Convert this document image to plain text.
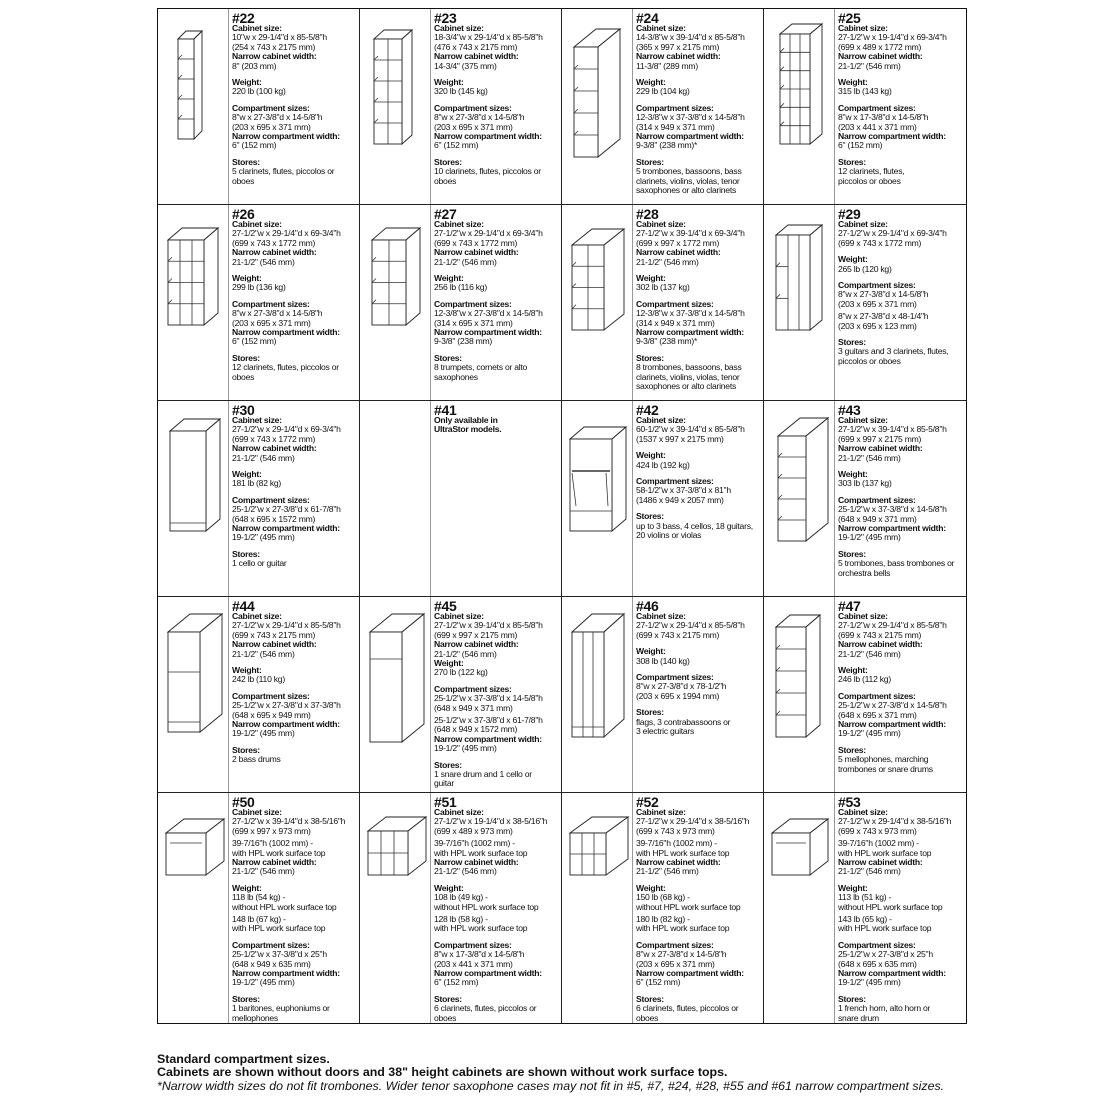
#22
Cabinet size:
10"w x 29-1/4"d x 85-5/8"h
(254 x 743 x 2175 mm)
Narrow cabinet width:
8" (203 mm)
Weight:
220 lb (100 kg)
Compartment sizes:
8"w x 27-3/8"d x 14-5/8"h
(203 x 695 x 371 mm)
Narrow compartment width:
6" (152 mm)
Stores:
5 clarinets, flutes, piccolos or
oboes
#23
Cabinet size:
18-3/4"w x 29-1/4"d x 85-5/8"h
(476 x 743 x 2175 mm)
Narrow cabinet width:
14-3/4" (375 mm)
Weight:
320 lb (145 kg)
Compartment sizes:
8"w x 27-3/8"d x 14-5/8"h
(203 x 695 x 371 mm)
Narrow compartment width:
6" (152 mm)
Stores:
10 clarinets, flutes, piccolos or
oboes
#24
Cabinet size:
14-3/8"w x 39-1/4"d x 85-5/8"h
(365 x 997 x 2175 mm)
Narrow cabinet width:
11-3/8" (289 mm)
Weight:
229 lb (104 kg)
Compartment sizes:
12-3/8"w x 37-3/8"d x 14-5/8"h
(314 x 949 x 371 mm)
Narrow compartment width:
9-3/8" (238 mm)*
Stores:
5 trombones, bassoons, bass
clarinets, violins, violas, tenor
saxophones or alto clarinets
#25
Cabinet size:
27-1/2"w x 19-1/4"d x 69-3/4"h
(699 x 489 x 1772 mm)
Narrow cabinet width:
21-1/2" (546 mm)
Weight:
315 lb (143 kg)
Compartment sizes:
8"w x 17-3/8"d x 14-5/8"h
(203 x 441 x 371 mm)
Narrow compartment width:
6" (152 mm)
Stores:
12 clarinets, flutes,
piccolos or oboes
#26
Cabinet size:
27-1/2"w x 29-1/4"d x 69-3/4"h
(699 x 743 x 1772 mm)
Narrow cabinet width:
21-1/2" (546 mm)
Weight:
299 lb (136 kg)
Compartment sizes:
8"w x 27-3/8"d x 14-5/8"h
(203 x 695 x 371 mm)
Narrow compartment width:
6" (152 mm)
Stores:
12 clarinets, flutes, piccolos or
oboes
#27
Cabinet size:
27-1/2"w x 29-1/4"d x 69-3/4"h
(699 x 743 x 1772 mm)
Narrow cabinet width:
21-1/2" (546 mm)
Weight:
256 lb (116 kg)
Compartment sizes:
12-3/8"w x 27-3/8"d x 14-5/8"h
(314 x 695 x 371 mm)
Narrow compartment width:
9-3/8" (238 mm)
Stores:
8 trumpets, cornets or alto
saxophones
#28
Cabinet size:
27-1/2"w x 39-1/4"d x 69-3/4"h
(699 x 997 x 1772 mm)
Narrow cabinet width:
21-1/2" (546 mm)
Weight:
302 lb (137 kg)
Compartment sizes:
12-3/8"w x 37-3/8"d x 14-5/8"h
(314 x 949 x 371 mm)
Narrow compartment width:
9-3/8" (238 mm)*
Stores:
8 trombones, bassoons, bass
clarinets, violins, violas, tenor
saxophones or alto clarinets
#29
Cabinet size:
27-1/2"w x 29-1/4"d x 69-3/4"h
(699 x 743 x 1772 mm)
Weight:
265 lb (120 kg)
Compartment sizes:
8"w x 27-3/8"d x 14-5/8"h
(203 x 695 x 371 mm)
8"w x 27-3/8"d x 48-1/4"h
(203 x 695 x 123 mm)
Stores:
3 guitars and 3 clarinets, flutes,
piccolos or oboes
#30
Cabinet size:
27-1/2"w x 29-1/4"d x 69-3/4"h
(699 x 743 x 1772 mm)
Narrow cabinet width:
21-1/2" (546 mm)
Weight:
181 lb (82 kg)
Compartment sizes:
25-1/2"w x 27-3/8"d x 61-7/8"h
(648 x 695 x 1572 mm)
Narrow compartment width:
19-1/2" (495 mm)
Stores:
1 cello or guitar
#41
Only available in
UltraStor models.
#42
Cabinet size:
60-1/2"w x 39-1/4"d x 85-5/8"h
(1537 x 997 x 2175 mm)
Weight:
424 lb (192 kg)
Compartment sizes:
58-1/2"w x 37-3/8"d x 81"h
(1486 x 949 x 2057 mm)
Stores:
up to 3 bass, 4 cellos, 18 guitars,
20 violins or violas
#43
Cabinet size:
27-1/2"w x 39-1/4"d x 85-5/8"h
(699 x 997 x 2175 mm)
Narrow cabinet width:
21-1/2" (546 mm)
Weight:
303 lb (137 kg)
Compartment sizes:
25-1/2"w x 37-3/8"d x 14-5/8"h
(648 x 949 x 371 mm)
Narrow compartment width:
19-1/2" (495 mm)
Stores:
5 trombones, bass trombones or
orchestra bells
#44
Cabinet size:
27-1/2"w x 29-1/4"d x 85-5/8"h
(699 x 743 x 2175 mm)
Narrow cabinet width:
21-1/2" (546 mm)
Weight:
242 lb (110 kg)
Compartment sizes:
25-1/2"w x 27-3/8"d x 37-3/8"h
(648 x 695 x 949 mm)
Narrow compartment width:
19-1/2" (495 mm)
Stores:
2 bass drums
#45
Cabinet size:
27-1/2"w x 39-1/4"d x 85-5/8"h
(699 x 997 x 2175 mm)
Narrow cabinet width:
21-1/2" (546 mm)
Weight:
270 lb (122 kg)
Compartment sizes:
25-1/2"w x 37-3/8"d x 14-5/8"h
(648 x 949 x 371 mm)
25-1/2"w x 37-3/8"d x 61-7/8"h
(648 x 949 x 1572 mm)
Narrow compartment width:
19-1/2" (495 mm)
Stores:
1 snare drum and 1 cello or
guitar
#46
Cabinet size:
27-1/2"w x 29-1/4"d x 85-5/8"h
(699 x 743 x 2175 mm)
Weight:
308 lb (140 kg)
Compartment sizes:
8"w x 27-3/8"d x 78-1/2"h
(203 x 695 x 1994 mm)
Stores:
flags, 3 contrabassoons or
3 electric guitars
#47
Cabinet size:
27-1/2"w x 29-1/4"d x 85-5/8"h
(699 x 743 x 2175 mm)
Narrow cabinet width:
21-1/2" (546 mm)
Weight:
246 lb (112 kg)
Compartment sizes:
25-1/2"w x 27-3/8"d x 14-5/8"h
(648 x 695 x 371 mm)
Narrow compartment width:
19-1/2" (495 mm)
Stores:
5 mellophones, marching
trombones or snare drums
#50
Cabinet size:
27-1/2"w x 39-1/4"d x 38-5/16"h
(699 x 997 x 973 mm)
39-7/16"h (1002 mm) -
with HPL work surface top
Narrow cabinet width:
21-1/2" (546 mm)
Weight:
118 lb (54 kg) -
without HPL work surface top
148 lb (67 kg) -
with HPL work surface top
Compartment sizes:
25-1/2"w x 37-3/8"d x 25"h
(648 x 949 x 635 mm)
Narrow compartment width:
19-1/2" (495 mm)
Stores:
1 baritones, euphoniums or
mellophones
#51
Cabinet size:
27-1/2"w x 19-1/4"d x 38-5/16"h
(699 x 489 x 973 mm)
39-7/16"h (1002 mm) -
with HPL work surface top
Narrow cabinet width:
21-1/2" (546 mm)
Weight:
108 lb (49 kg) -
without HPL work surface top
128 lb (58 kg) -
with HPL work surface top
Compartment sizes:
8"w x 17-3/8"d x 14-5/8"h
(203 x 441 x 371 mm)
Narrow compartment width:
6" (152 mm)
Stores:
6 clarinets, flutes, piccolos or
oboes
#52
Cabinet size:
27-1/2"w x 29-1/4"d x 38-5/16"h
(699 x 743 x 973 mm)
39-7/16"h (1002 mm) -
with HPL work surface top
Narrow cabinet width:
21-1/2" (546 mm)
Weight:
150 lb (68 kg) -
without HPL work surface top
180 lb (82 kg) -
with HPL work surface top
Compartment sizes:
8"w x 27-3/8"d x 14-5/8"h
(203 x 695 x 371 mm)
Narrow compartment width:
6" (152 mm)
Stores:
6 clarinets, flutes, piccolos or
oboes
#53
Cabinet size:
27-1/2"w x 29-1/4"d x 38-5/16"h
(699 x 743 x 973 mm)
39-7/16"h (1002 mm) -
with HPL work surface top
Narrow cabinet width:
21-1/2" (546 mm)
Weight:
113 lb (51 kg) -
without HPL work surface top
143 lb (65 kg) -
with HPL work surface top
Compartment sizes:
25-1/2"w x 27-3/8"d x 25"h
(648 x 695 x 635 mm)
Narrow compartment width:
19-1/2" (495 mm)
Stores:
1 french horn, alto horn or
snare drum
Standard compartment sizes.
Cabinets are shown without doors and 38" height cabinets are shown without work surface tops.
*Narrow width sizes do not fit trombones. Wider tenor saxophone cases may not fit in #5, #7, #24, #28, #55 and #61 narrow compartment sizes.
